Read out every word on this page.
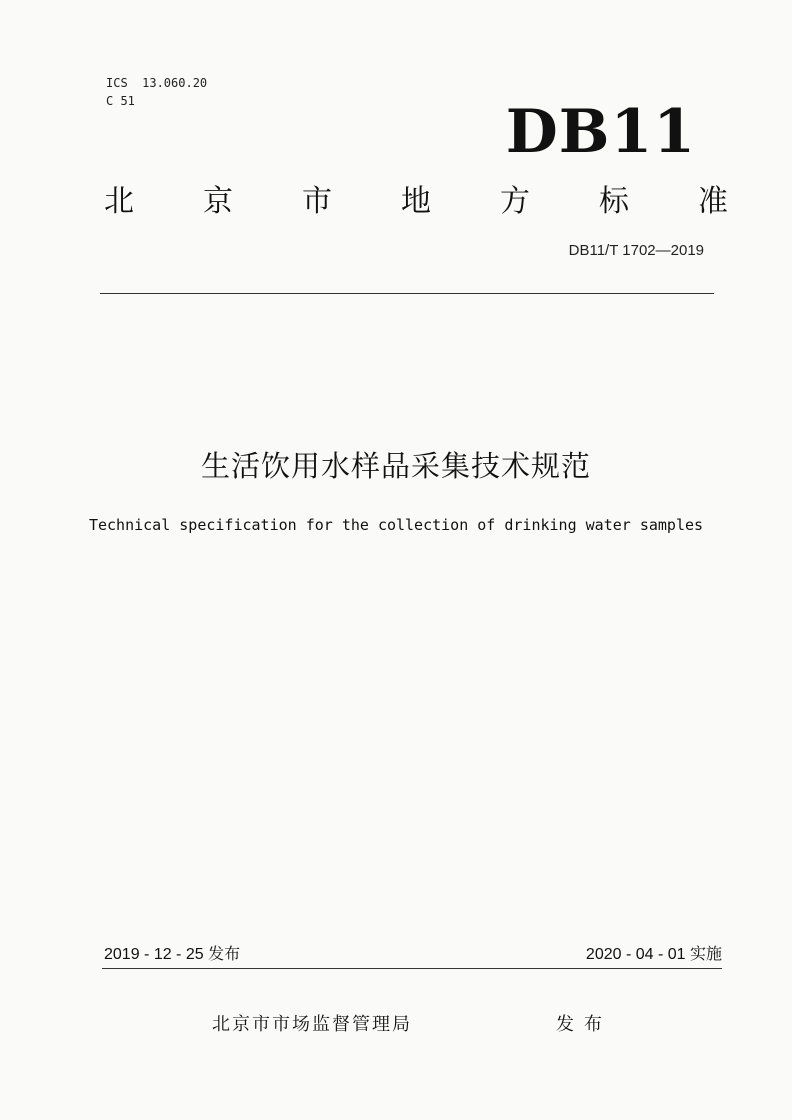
ICS  13.060.20
C 51	DB11
北 京 市 地 方 标 准
DB11/T 1702—2019
生活饮用水样品采集技术规范
Technical specification for the collection of drinking water samples
2019 - 12 - 25 发布	2020 - 04 - 01 实施
北京市市场监督管理局	发布
